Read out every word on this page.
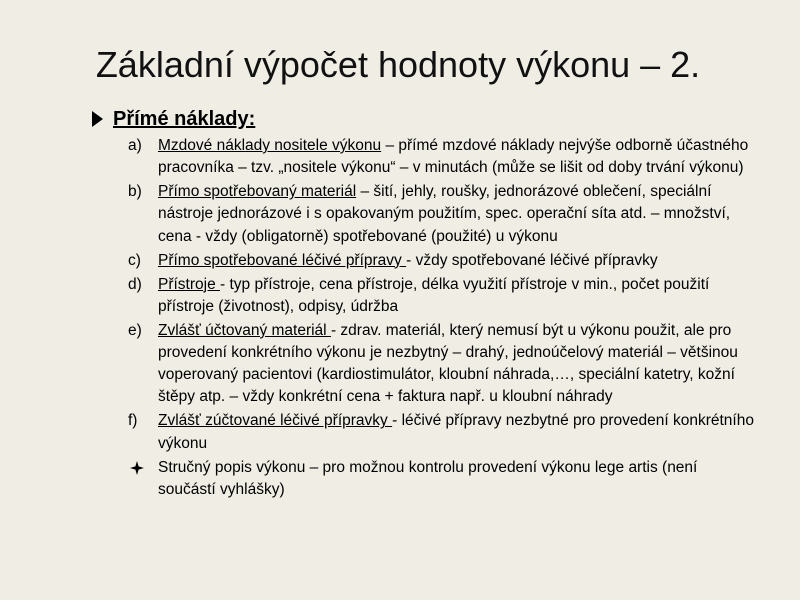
Základní výpočet hodnoty výkonu – 2.
Přímé náklady:
a) Mzdové náklady nositele výkonu – přímé mzdové náklady nejvýše odborně účastného pracovníka – tzv. „nositele výkonu“ – v minutách (může se lišit od doby trvání výkonu)
b) Přímo spotřebovaný materiál – šití, jehly, roušky, jednorázové oblečení, speciální nástroje jednorázové i s opakovaným použitím, spec. operační síta atd. – množství, cena - vždy (obligatorně) spotřebované (použité) u výkonu
c) Přímo spotřebované léčivé přípravy - vždy spotřebované léčivé přípravky
d) Přístroje - typ přístroje, cena přístroje, délka využití přístroje v min., počet použití přístroje (životnost), odpisy, údržba
e) Zvlášť účtovaný materiál - zdrav. materiál, který nemusí být u výkonu použit, ale pro provedení konkrétního výkonu je nezbytný – drahý, jednoúčelový materiál – většinou voperovaný pacientovi (kardiostimulátor, kloubní náhrada,…, speciální katetry, kožní štěpy atp. – vždy konkrétní cena + faktura např. u kloubní náhrady
f) Zvlášť zúčtované léčivé přípravky - léčivé přípravy nezbytné pro provedení konkrétního výkonu
Stručný popis výkonu – pro možnou kontrolu provedení výkonu lege artis (není součástí vyhlášky)
